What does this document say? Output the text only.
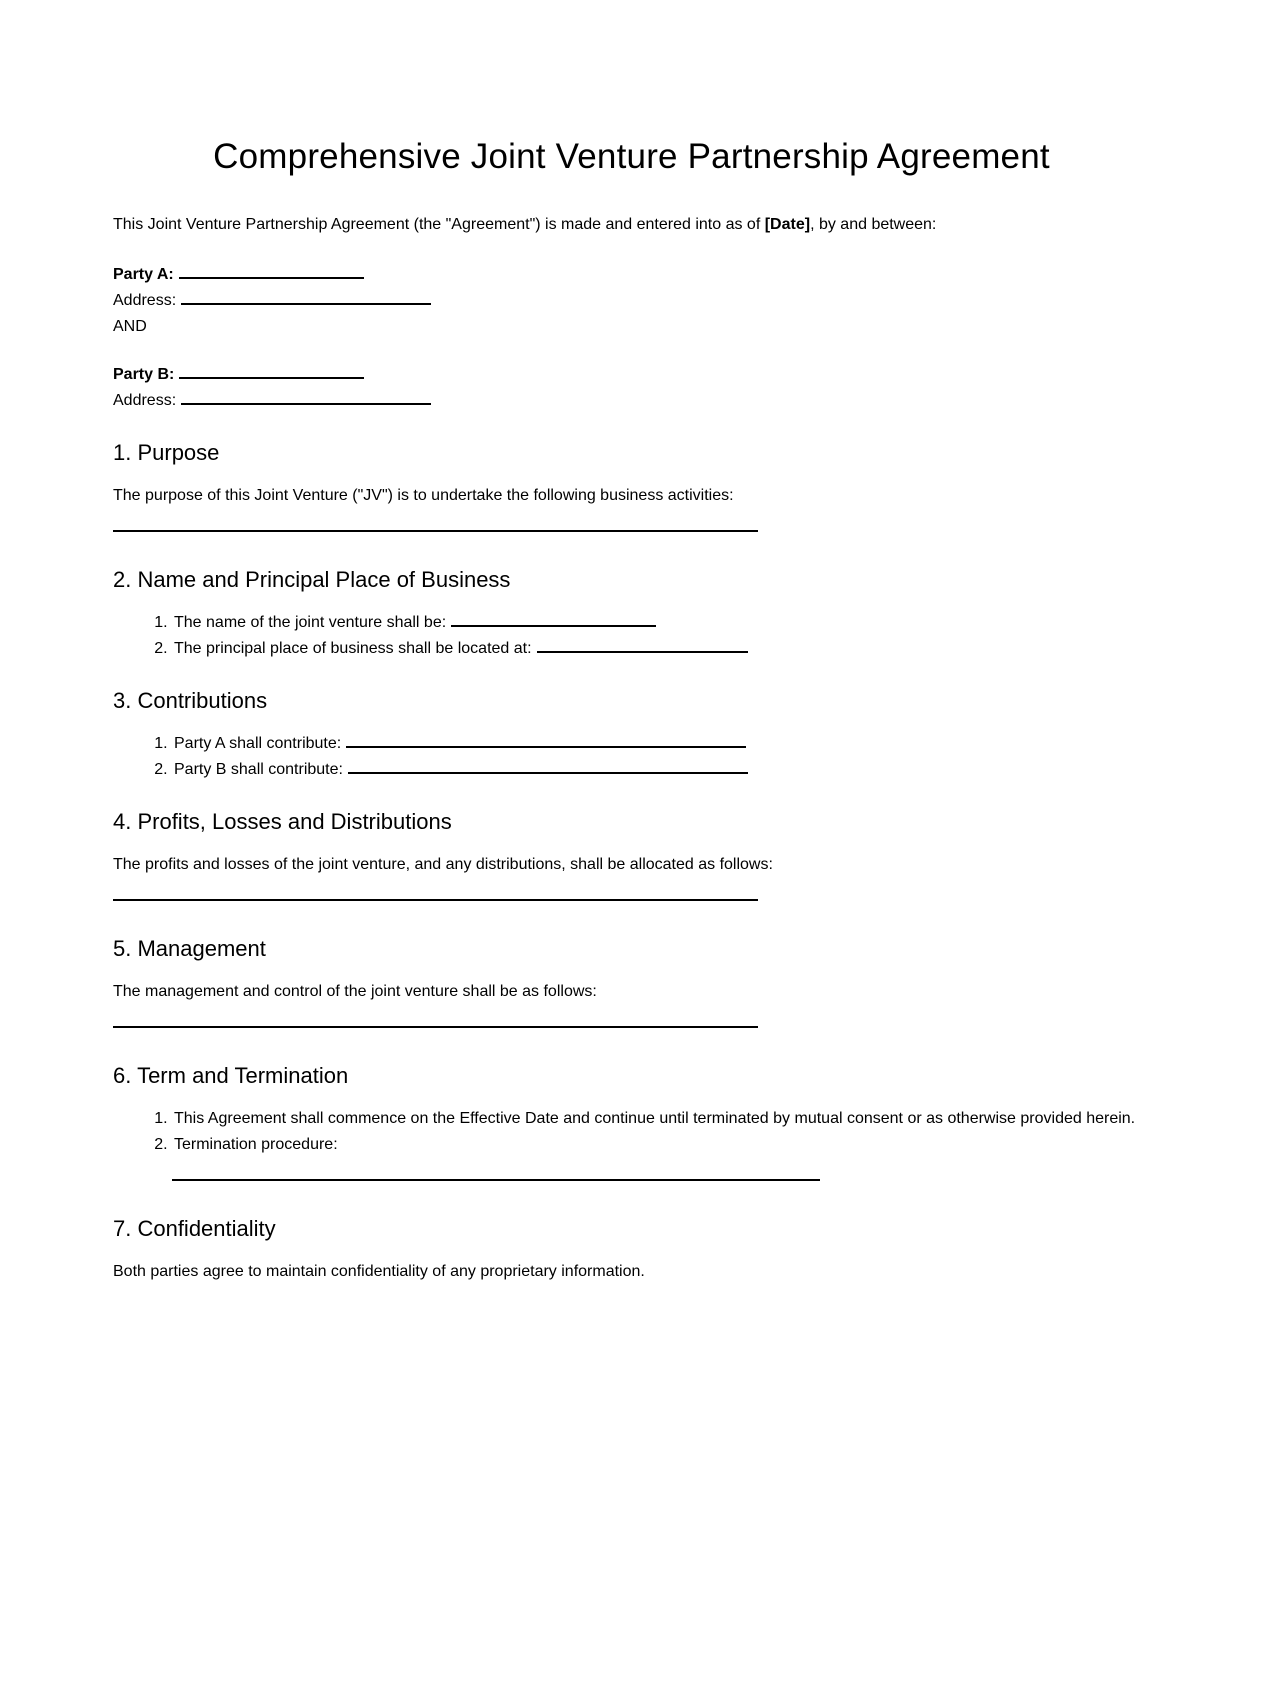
Comprehensive Joint Venture Partnership Agreement

This Joint Venture Partnership Agreement (the "Agreement") is made and entered into as of [Date], by and between:

Party A:

Address:

AND

Party B:

Address:

1. Purpose

The purpose of this Joint Venture ("JV") is to undertake the following business activities:

2. Name and Principal Place of Business
1. The name of the joint venture shall be:
2. The principal place of business shall be located at:
3. Contributions
1. Party A shall contribute:
2. Party B shall contribute:
4. Profits, Losses and Distributions

The profits and losses of the joint venture, and any distributions, shall be allocated as follows:

5. Management

The management and control of the joint venture shall be as follows:

6. Term and Termination
1. This Agreement shall commence on the Effective Date and continue until terminated by mutual consent or as otherwise provided herein.
2. Termination procedure:
7. Confidentiality

Both parties agree to maintain confidentiality of any proprietary information.
